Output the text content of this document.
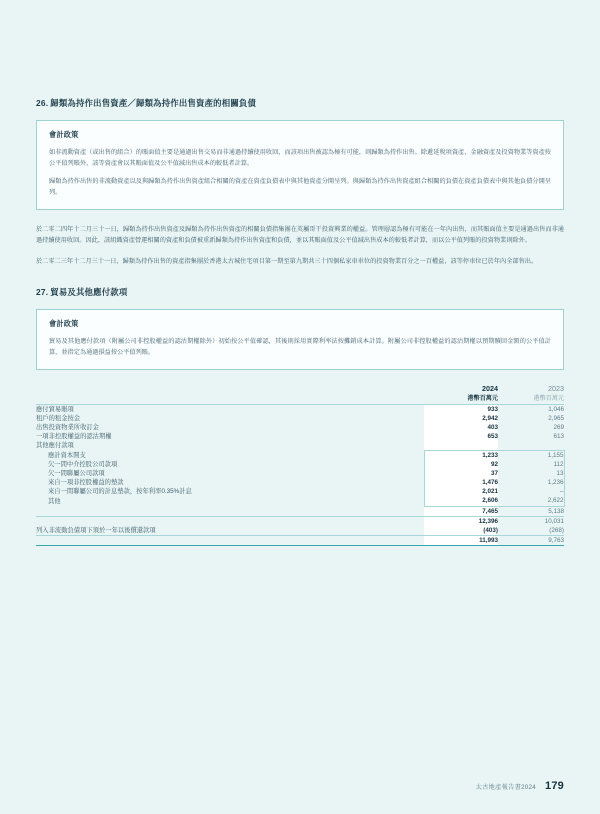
26. 歸類為持作出售資產／歸類為持作出售資產的相關負債
會計政策

如非流動資產（或出售的組合）的賬面值主要是通過出售交易而非通過持續使用收回，而該項出售被認為極有可能，則歸類為持作出售。除遞延稅項資產、金融資產及投資物業等資產按公平值列賬外，該等資產會以其賬面值及公平值減出售成本的較低者計算。

歸類為持作出售的非流動資產以及與歸類為持作出售資產組合相關的資產在資產負債表中與其他資產分開呈列。與歸類為持作出售資產組合相關的負債在資產負債表中與其他負債分開呈列。

於二零二四年十二月三十一日，歸類為持作出售資產及歸類為持作出售資產的相關負債指集團在英屬哥干投資興業的權益。管理層認為極有可能在一年內出售，而其賬面值主要是通過出售而非通過持續使用收回。因此，該組織資產營運相關的資產和負債被重新歸類為持作出售資產和負債，並以其賬面值及公平值減出售成本的較低者計算，而以公平值列賬的投資物業則除外。

於二零二三年十二月三十一日，歸類為持作出售的資產指集團於香港太古城住宅項目第一期至第九期共三十四個私家車車位的投資物業百分之一百權益，該等停車位已於年內全部售出。

27. 貿易及其他應付款項
會計政策

貿易及其他應付款項（附屬公司非控股權益的認沽期權除外）初始按公平值確認，其後則採用實際利率法按攤銷成本計算。附屬公司非控股權益的認沽期權以預期贖回金額的公平值計算，並指定為通過損益按公平值列賬。

	2024
港幣百萬元	2023
港幣百萬元

應付貿易賬項	933	1,046
租戶的租金按金	2,942	2,965
出售投資物業所收訂金	403	269
一項非控股權益的認沽期權	653	613
其他應付款項		
應計資本開支	1,233	1,155
欠一間中介控股公司款項	92	112
欠一間聯屬公司款項	37	13
來自一項非控股權益的墊款	1,476	1,236
來自一間聯屬公司的計息墊款，按年利率0.35%計息	2,021	–
其他	2,606	2,622
	7,465	5,138
	12,396	10,031
列入非流動負債項下須於一年以後償還款項	(403)	(268)
	11,993	9,763
太古地產報告書2024 179
